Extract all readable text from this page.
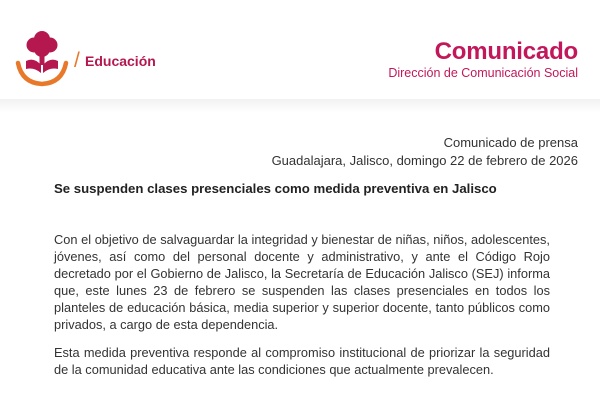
/ Educación	Comunicado
Dirección de Comunicación Social
Comunicado de prensa
Guadalajara, Jalisco, domingo 22 de febrero de 2026
Se suspenden clases presenciales como medida preventiva en Jalisco
Con el objetivo de salvaguardar la integridad y bienestar de niñas, niños, adolescentes, jóvenes, así como del personal docente y administrativo, y ante el Código Rojo decretado por el Gobierno de Jalisco, la Secretaría de Educación Jalisco (SEJ) informa que, este lunes 23 de febrero se suspenden las clases presenciales en todos los planteles de educación básica, media superior y superior docente, tanto públicos como privados, a cargo de esta dependencia.
Esta medida preventiva responde al compromiso institucional de priorizar la seguridad de la comunidad educativa ante las condiciones que actualmente prevalecen.
